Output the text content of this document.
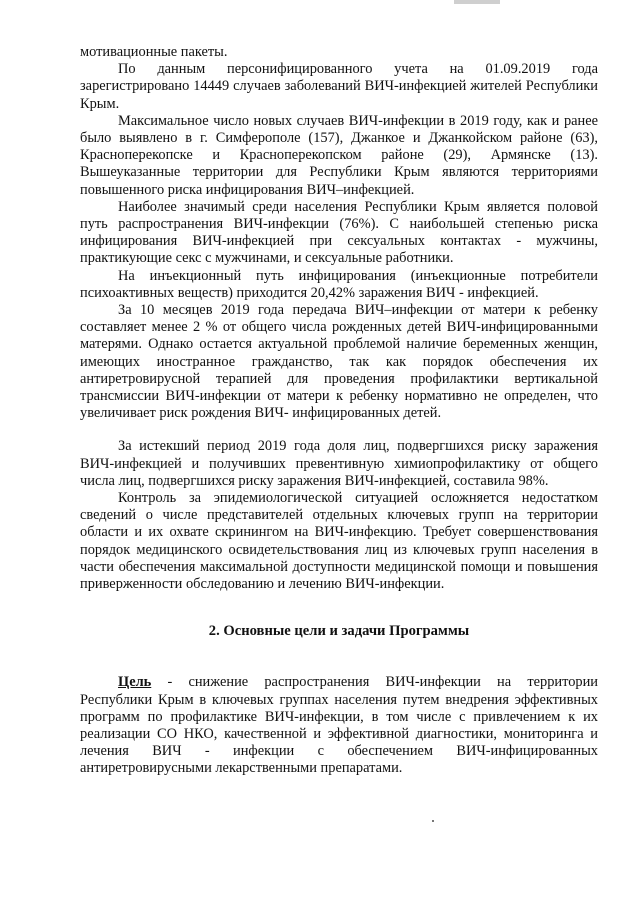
мотивационные пакеты.

По данным персонифицированного учета на 01.09.2019 года зарегистрировано 14449 случаев заболеваний ВИЧ-инфекцией жителей Республики Крым.

Максимальное число новых случаев ВИЧ-инфекции в 2019 году, как и ранее было выявлено в г. Симферополе (157), Джанкое и Джанкойском районе (63), Красноперекопске и Красноперекопском районе (29), Армянске (13). Вышеуказанные территории для Республики Крым являются территориями повышенного риска инфицирования ВИЧ–инфекцией.

Наиболее значимый среди населения Республики Крым является половой путь распространения ВИЧ-инфекции (76%). С наибольшей степенью риска инфицирования ВИЧ-инфекцией при сексуальных контактах - мужчины, практикующие секс с мужчинами, и сексуальные работники.

На инъекционный путь инфицирования (инъекционные потребители психоактивных веществ) приходится 20,42% заражения ВИЧ - инфекцией.

За 10 месяцев 2019 года передача ВИЧ–инфекции от матери к ребенку составляет менее 2 % от общего числа рожденных детей ВИЧ-инфицированными матерями. Однако остается актуальной проблемой наличие беременных женщин, имеющих иностранное гражданство, так как порядок обеспечения их антиретровирусной терапией для проведения профилактики вертикальной трансмиссии ВИЧ-инфекции от матери к ребенку нормативно не определен, что увеличивает риск рождения ВИЧ- инфицированных детей.

За истекший период 2019 года доля лиц, подвергшихся риску заражения ВИЧ-инфекцией и получивших превентивную химиопрофилактику от общего числа лиц, подвергшихся риску заражения ВИЧ-инфекцией, составила 98%.

Контроль за эпидемиологической ситуацией осложняется недостатком сведений о числе представителей отдельных ключевых групп на территории области и их охвате скринингом на ВИЧ-инфекцию. Требует совершенствования порядок медицинского освидетельствования лиц из ключевых групп населения в части обеспечения максимальной доступности медицинской помощи и повышения приверженности обследованию и лечению ВИЧ-инфекции.

2. Основные цели и задачи Программы

Цель - снижение распространения ВИЧ-инфекции на территории Республики Крым в ключевых группах населения путем внедрения эффективных программ по профилактике ВИЧ-инфекции, в том числе с привлечением к их реализации СО НКО, качественной и эффективной диагностики, мониторинга и лечения ВИЧ - инфекции с обеспечением ВИЧ-инфицированных антиретровирусными лекарственными препаратами.
